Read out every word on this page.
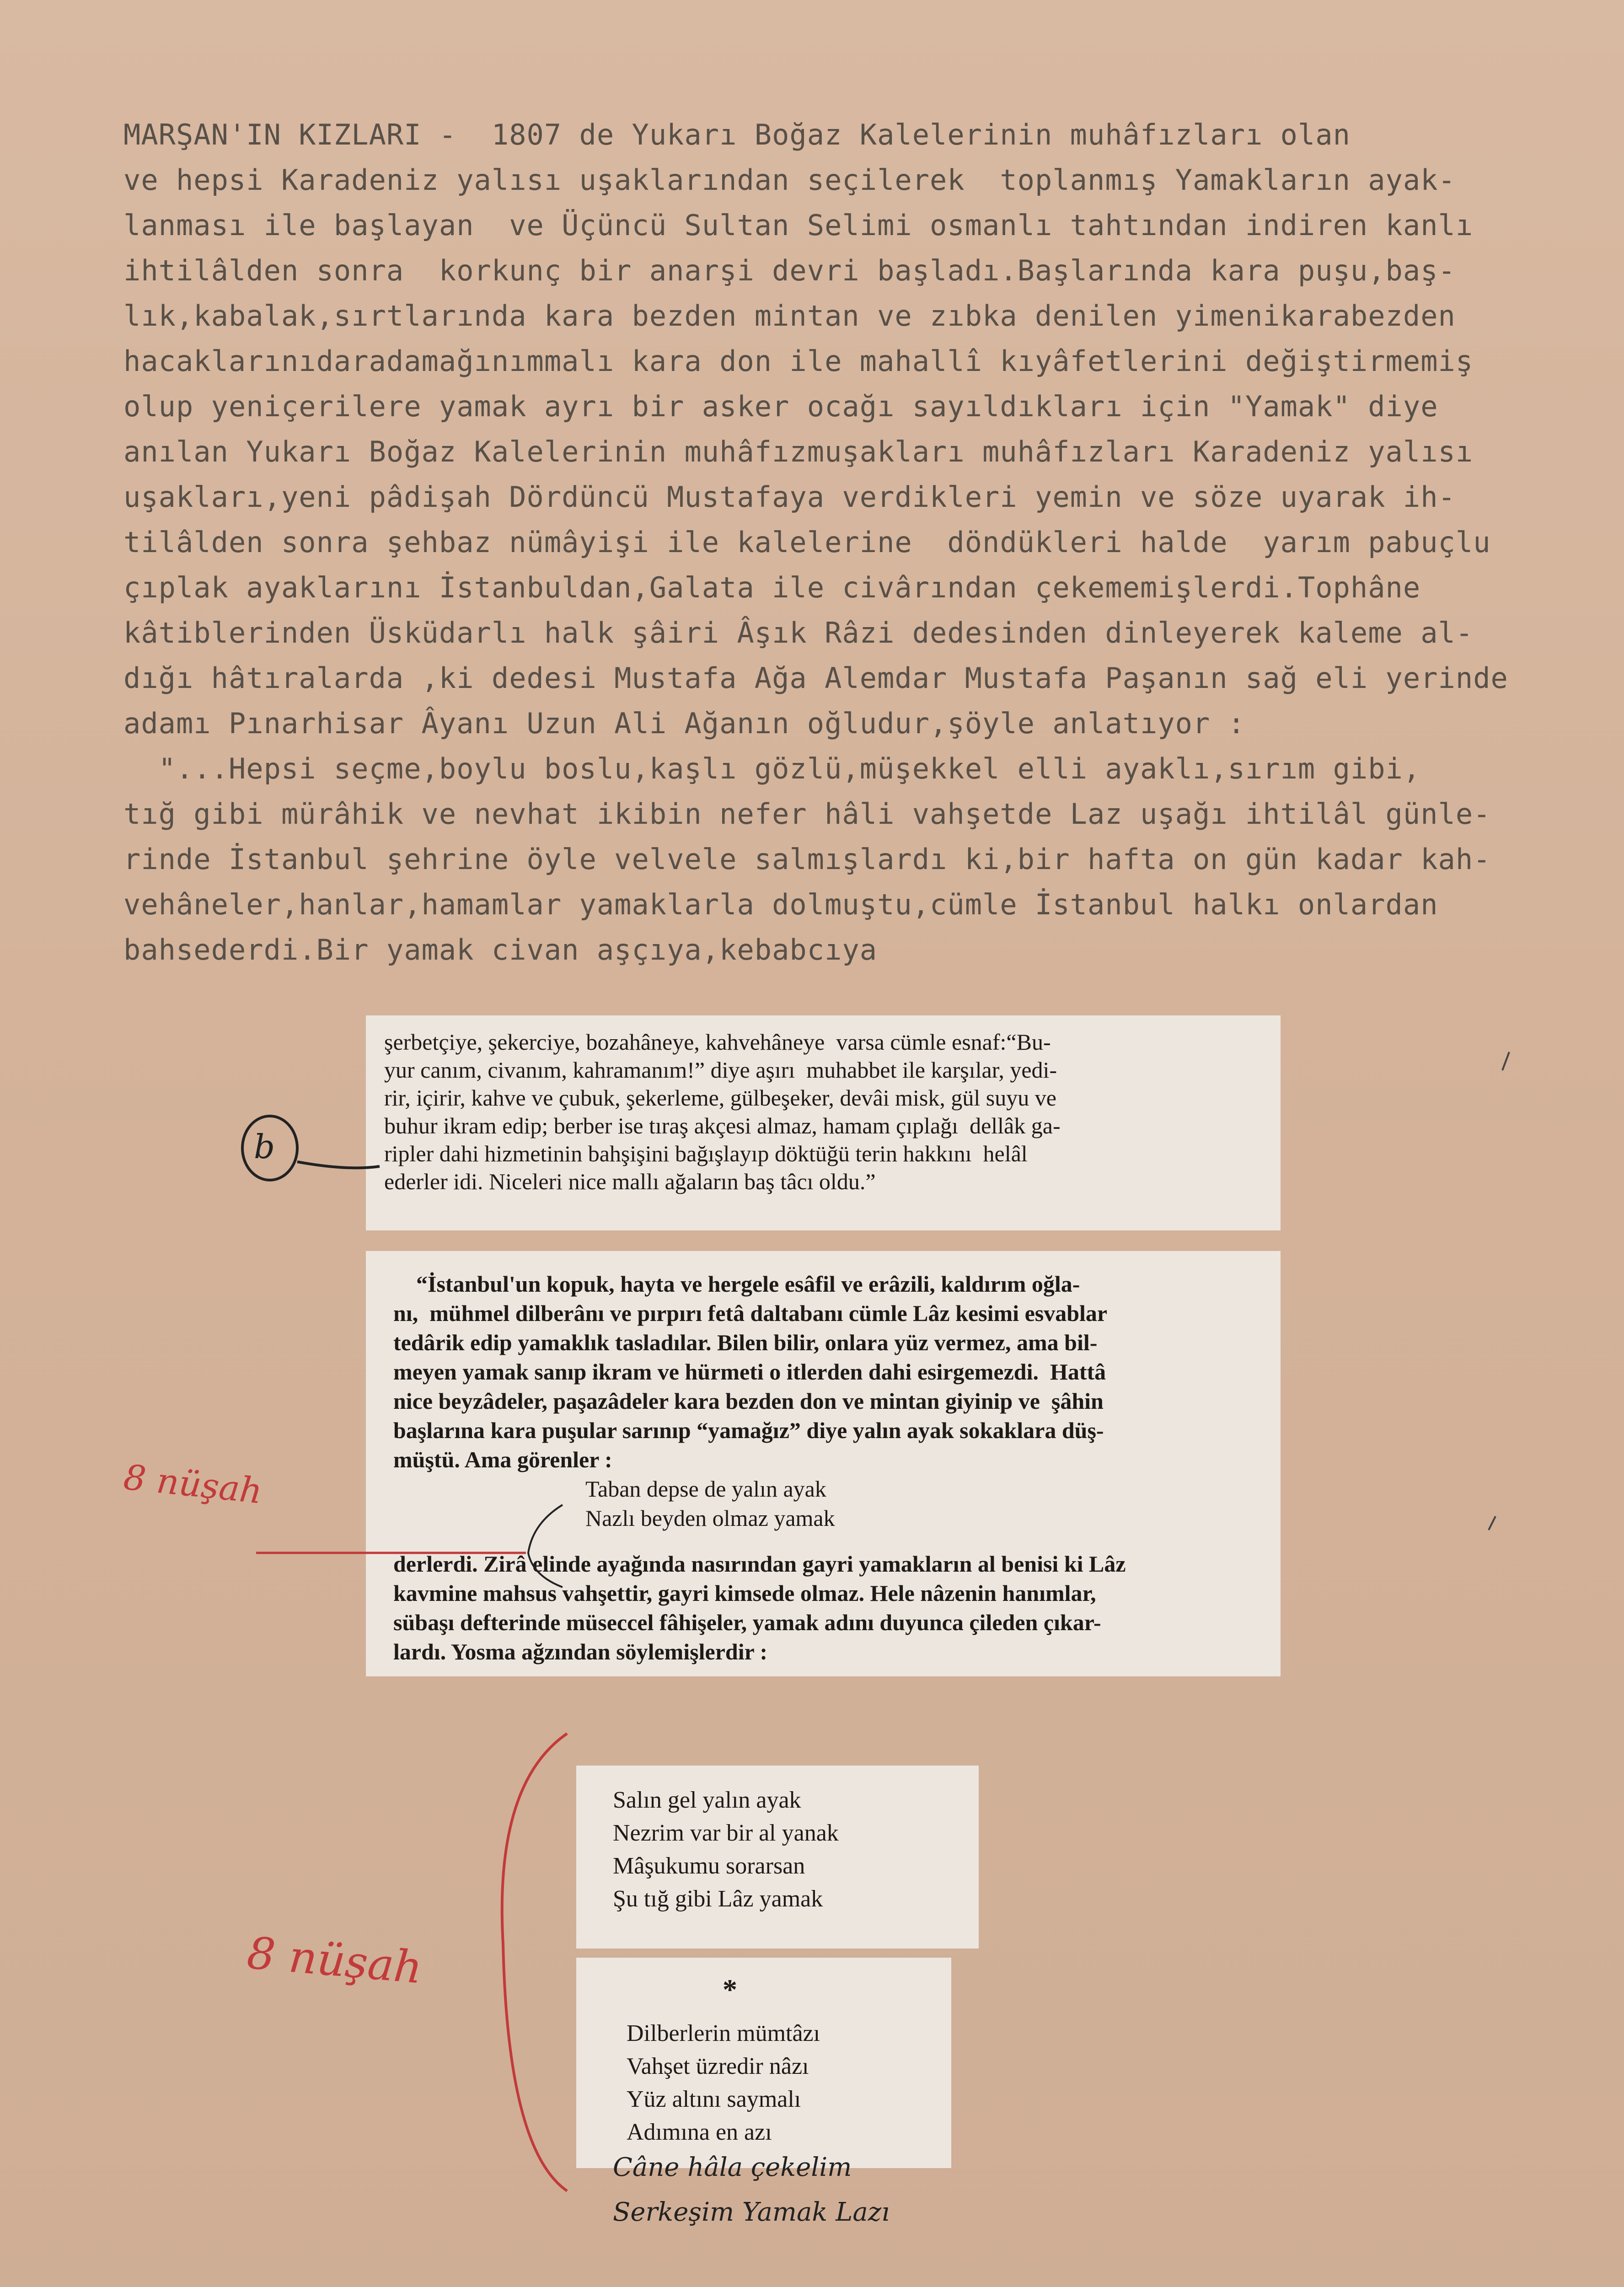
MARŞAN'IN KIZLARI -  1807 de Yukarı Boğaz Kalelerinin muhâfızları olan
ve hepsi Karadeniz yalısı uşaklarından seçilerek  toplanmış Yamakların ayak-
lanması ile başlayan  ve Üçüncü Sultan Selimi osmanlı tahtından indiren kanlı
ihtilâlden sonra  korkunç bir anarşi devri başladı.Başlarında kara puşu,baş-
lık,kabalak,sırtlarında kara bezden mintan ve zıbka denilen yimenikarabezden
hacaklarınıdaradamağınımmalı kara don ile mahallî kıyâfetlerini değiştirmemiş
olup yeniçerilere yamak ayrı bir asker ocağı sayıldıkları için "Yamak" diye
anılan Yukarı Boğaz Kalelerinin muhâfızmuşakları muhâfızları Karadeniz yalısı
uşakları,yeni pâdişah Dördüncü Mustafaya verdikleri yemin ve söze uyarak ih-
tilâlden sonra şehbaz nümâyişi ile kalelerine  döndükleri halde  yarım pabuçlu
çıplak ayaklarını İstanbuldan,Galata ile civârından çekememişlerdi.Tophâne
kâtiblerinden Üsküdarlı halk şâiri Âşık Râzi dedesinden dinleyerek kaleme al-
dığı hâtıralarda ,ki dedesi Mustafa Ağa Alemdar Mustafa Paşanın sağ eli yerinde
adamı Pınarhisar Âyanı Uzun Ali Ağanın oğludur,şöyle anlatıyor :
"...Hepsi seçme,boylu boslu,kaşlı gözlü,müşekkel elli ayaklı,sırım gibi,
tığ gibi mürâhik ve nevhat ikibin nefer hâli vahşetde Laz uşağı ihtilâl günle-
rinde İstanbul şehrine öyle velvele salmışlardı ki,bir hafta on gün kadar kah-
vehâneler,hanlar,hamamlar yamaklarla dolmuştu,cümle İstanbul halkı onlardan
bahsederdi.Bir yamak civan aşçıya,kebabcıya
şerbetçiye, şekerciye, bozahâneye, kahvehâneye  varsa cümle esnaf:“Bu-
yur canım, civanım, kahramanım!” diye aşırı  muhabbet ile karşılar, yedi-
rir, içirir, kahve ve çubuk, şekerleme, gülbeşeker, devâi misk, gül suyu ve
buhur ikram edip; berber ise tıraş akçesi almaz, hamam çıplağı  dellâk ga-
ripler dahi hizmetinin bahşişini bağışlayıp döktüğü terin hakkını  helâl
ederler idi. Niceleri nice mallı ağaların baş tâcı oldu.”
“İstanbul'un kopuk, hayta ve hergele esâfil ve erâzili, kaldırım oğla-
nı,  mühmel dilberânı ve pırpırı fetâ daltabanı cümle Lâz kesimi esvablar
tedârik edip yamaklık tasladılar. Bilen bilir, onlara yüz vermez, ama bil-
meyen yamak sanıp ikram ve hürmeti o itlerden dahi esirgemezdi.  Hattâ
nice beyzâdeler, paşazâdeler kara bezden don ve mintan giyinip ve  şâhin
başlarına kara puşular sarınıp “yamağız” diye yalın ayak sokaklara düş-
müştü. Ama görenler :
Taban depse de yalın ayak
Nazlı beyden olmaz yamak
derlerdi. Zirâ elinde ayağında nasırından gayri yamakların al benisi ki Lâz
kavmine mahsus vahşettir, gayri kimsede olmaz. Hele nâzenin hanımlar,
sübaşı defterinde müseccel fâhişeler, yamak adını duyunca çileden çıkar-
lardı. Yosma ağzından söylemişlerdir :
Salın gel yalın ayak
Nezrim var bir al yanak
Mâşukumu sorarsan
Şu tığ gibi Lâz yamak
*
Dilberlerin mümtâzı
Vahşet üzredir nâzı
Yüz altını saymalı
Adımına en azı
Câne hâla çekelim
Serkeşim Yamak Lazı
8 nüşah
8 nüşah
b
